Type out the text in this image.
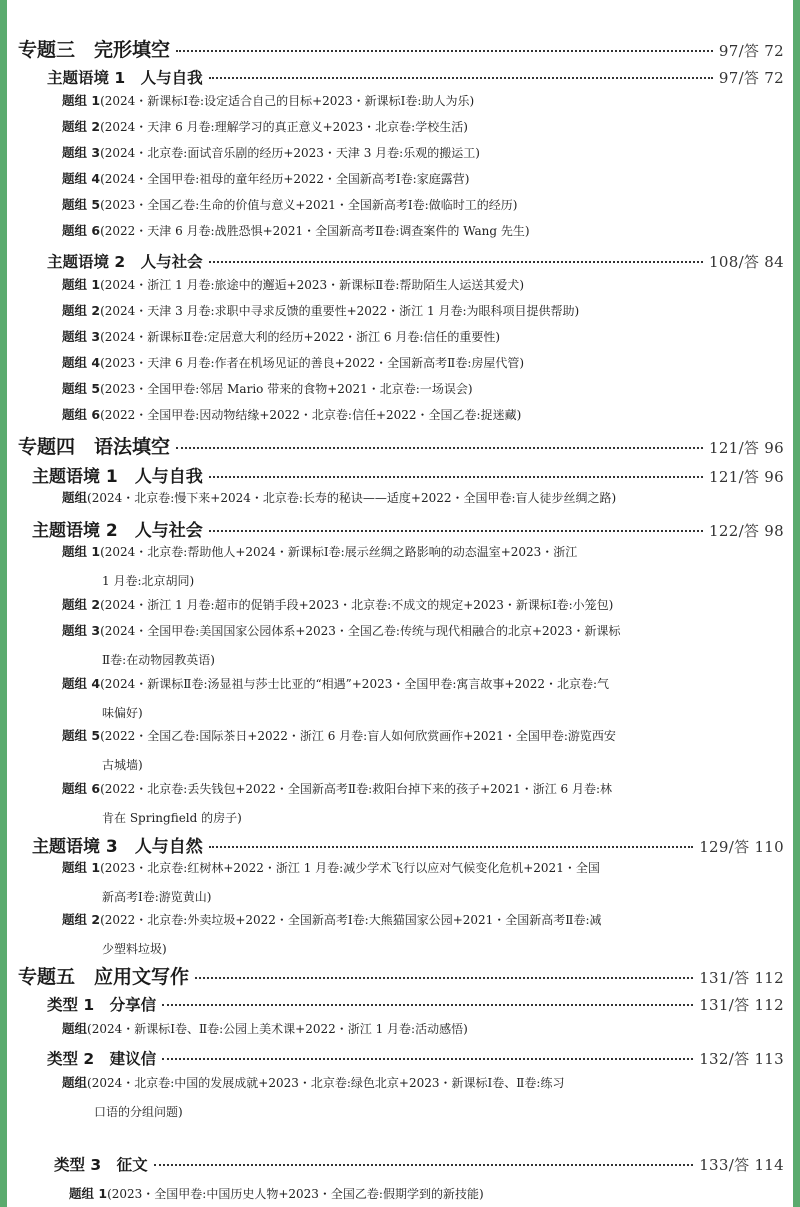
专题三　完形填空	97/答 72
主题语境 1　人与自我	97/答 72
题组 1(2024・新课标Ⅰ卷:设定适合自己的目标+2023・新课标Ⅰ卷:助人为乐)
题组 2(2024・天津 6 月卷:理解学习的真正意义+2023・北京卷:学校生活)
题组 3(2024・北京卷:面试音乐剧的经历+2023・天津 3 月卷:乐观的搬运工)
题组 4(2024・全国甲卷:祖母的童年经历+2022・全国新高考Ⅰ卷:家庭露营)
题组 5(2023・全国乙卷:生命的价值与意义+2021・全国新高考Ⅰ卷:做临时工的经历)
题组 6(2022・天津 6 月卷:战胜恐惧+2021・全国新高考Ⅱ卷:调查案件的 Wang 先生)
主题语境 2　人与社会	108/答 84
题组 1(2024・浙江 1 月卷:旅途中的邂逅+2023・新课标Ⅱ卷:帮助陌生人运送其爱犬)
题组 2(2024・天津 3 月卷:求职中寻求反馈的重要性+2022・浙江 1 月卷:为眼科项目提供帮助)
题组 3(2024・新课标Ⅱ卷:定居意大利的经历+2022・浙江 6 月卷:信任的重要性)
题组 4(2023・天津 6 月卷:作者在机场见证的善良+2022・全国新高考Ⅱ卷:房屋代管)
题组 5(2023・全国甲卷:邻居 Mario 带来的食物+2021・北京卷:一场误会)
题组 6(2022・全国甲卷:因动物结缘+2022・北京卷:信任+2022・全国乙卷:捉迷藏)
专题四　语法填空	121/答 96
主题语境 1　人与自我	121/答 96
题组(2024・北京卷:慢下来+2024・北京卷:长寿的秘诀——适度+2022・全国甲卷:盲人徒步丝绸之路)
主题语境 2　人与社会	122/答 98
题组 1(2024・北京卷:帮助他人+2024・新课标Ⅰ卷:展示丝绸之路影响的动态温室+2023・浙江
1 月卷:北京胡同)
题组 2(2024・浙江 1 月卷:超市的促销手段+2023・北京卷:不成文的规定+2023・新课标Ⅰ卷:小笼包)
题组 3(2024・全国甲卷:美国国家公园体系+2023・全国乙卷:传统与现代相融合的北京+2023・新课标
Ⅱ卷:在动物园教英语)
题组 4(2024・新课标Ⅱ卷:汤显祖与莎士比亚的“相遇”+2023・全国甲卷:寓言故事+2022・北京卷:气
味偏好)
题组 5(2022・全国乙卷:国际茶日+2022・浙江 6 月卷:盲人如何欣赏画作+2021・全国甲卷:游览西安
古城墙)
题组 6(2022・北京卷:丢失钱包+2022・全国新高考Ⅱ卷:救阳台掉下来的孩子+2021・浙江 6 月卷:林
肯在 Springfield 的房子)
主题语境 3　人与自然	129/答 110
题组 1(2023・北京卷:红树林+2022・浙江 1 月卷:减少学术飞行以应对气候变化危机+2021・全国
新高考Ⅰ卷:游览黄山)
题组 2(2022・北京卷:外卖垃圾+2022・全国新高考Ⅰ卷:大熊猫国家公园+2021・全国新高考Ⅱ卷:减
少塑料垃圾)
专题五　应用文写作	131/答 112
类型 1　分享信	131/答 112
题组(2024・新课标Ⅰ卷、Ⅱ卷:公园上美术课+2022・浙江 1 月卷:活动感悟)
类型 2　建议信	132/答 113
题组(2024・北京卷:中国的发展成就+2023・北京卷:绿色北京+2023・新课标Ⅰ卷、Ⅱ卷:练习
口语的分组问题)
类型 3　征文	133/答 114
题组 1(2023・全国甲卷:中国历史人物+2023・全国乙卷:假期学到的新技能)
